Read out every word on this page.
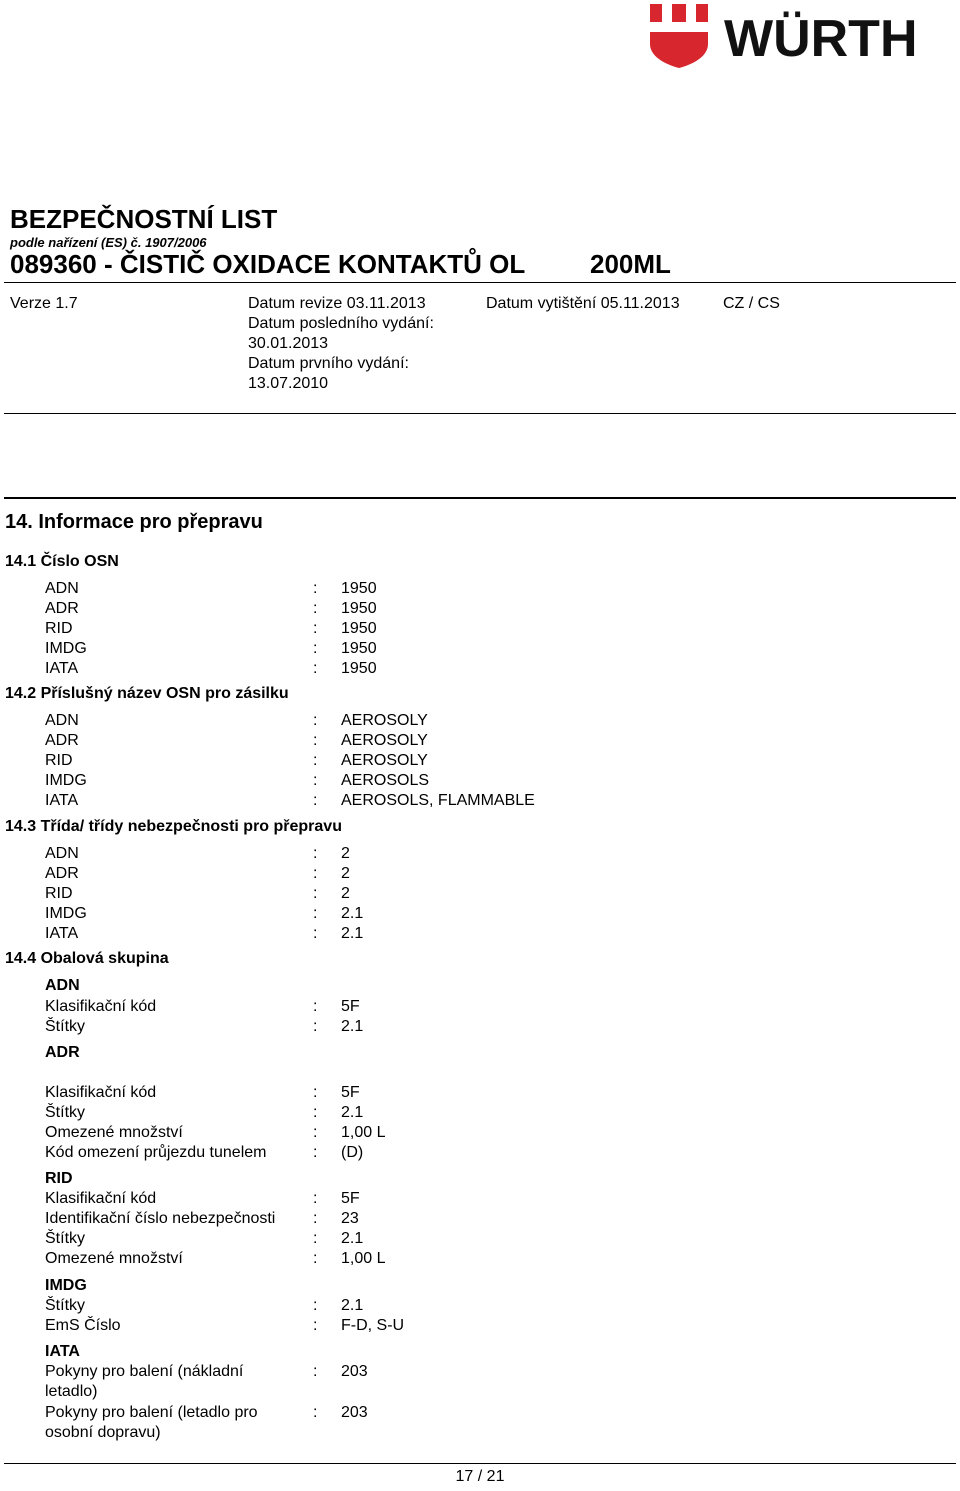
WÜRTH
BEZPEČNOSTNÍ LIST
podle nařízení (ES) č. 1907/2006
089360 - ČISTIČ OXIDACE KONTAKTŮ OL 200ML
Verze 1.7	Datum revize 03.11.2013
Datum posledního vydání:
30.01.2013
Datum prvního vydání:
13.07.2010
Datum vytištění 05.11.2013	CZ / CS
14. Informace pro přepravu
14.1 Číslo OSN
ADN	: 1950
ADR	: 1950
RID	: 1950
IMDG	: 1950
IATA	: 1950
14.2 Příslušný název OSN pro zásilku
ADN	: AEROSOLY
ADR	: AEROSOLY
RID	: AEROSOLY
IMDG	: AEROSOLS
IATA	: AEROSOLS, FLAMMABLE
14.3 Třída/ třídy nebezpečnosti pro přepravu
ADN	: 2
ADR	: 2
RID	: 2
IMDG	: 2.1
IATA	: 2.1
14.4 Obalová skupina
ADN
Klasifikační kód	: 5F
Štítky	: 2.1
ADR
Klasifikační kód	: 5F
Štítky	: 2.1
Omezené množství	: 1,00 L
Kód omezení průjezdu tunelem	: (D)
RID
Klasifikační kód	: 5F
Identifikační číslo nebezpečnosti : 23
Štítky	: 2.1
Omezené množství	: 1,00 L
IMDG
Štítky	: 2.1
EmS Číslo	: F-D, S-U
IATA
Pokyny pro balení (nákladní letadlo)
: 203
Pokyny pro balení (letadlo pro osobní dopravu)
: 203
17 / 21
